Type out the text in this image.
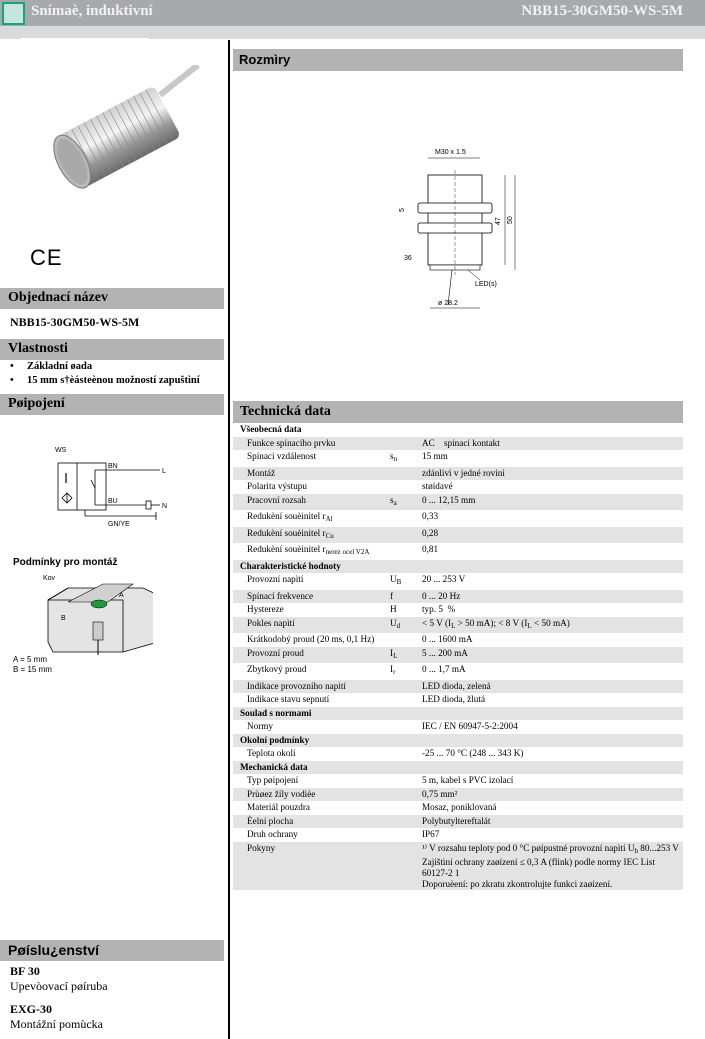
Snímaè, induktivní	NBB15-30GM50-WS-5M
CE
Objednací název
NBB15-30GM50-WS-5M
Vlastnosti
• Základní øada
• 15 mm s†èásteènou možností zapuštìní
Pøipojení
WS
BN
BU
GN/YE
L
N
Podmínky pro montáž
Kov
A
B
A = 5 mm
B = 15 mm
Pøíslu¿enství
BF 30
Upevòovací pøíruba
EXG-30
Montážní pomùcka
Rozmìry
M30 x 1.5
47 50
5
36
LED(s)
ø 28.2
Technická data
Všeobecná data		
Funkce spínacího prvku		AC    spínací kontakt
Spínací vzdálenost	$s_n$	15 mm
Montáž		zdánlivì v jedné rovinì
Polarita výstupu		støídavé
Pracovní rozsah	$s_a$	0 ... 12,15 mm
Redukèní souèinitel $r_{Al}$		0,33
Redukèní souèinitel $r_{Cu}$		0,28
Redukèní souèinitel $r_{nerez ocel V2A}$		0,81
Charakteristické hodnoty		
Provozní napìtí	$U_B$	20 ... 253 V
Spínací frekvence	f	0 ... 20 Hz
Hystereze	H	typ. 5  %
Pokles napìtí	$U_d$	< 5 V ($I_L > 50$ mA); < 8 V ($I_L < 50$ mA)
Krátkodobý proud (20 ms, 0,1 Hz)		0 ... 1600 mA
Provozní proud	$I_L$	5 ... 200 mA
Zbytkový proud	$I_r$	0 ... 1,7 mA
Indikace provozního napìtí		LED dioda, zelená
Indikace stavu sepnutí		LED dioda, žlutá
Soulad s normami		
Normy		IEC / EN 60947-5-2:2004
Okolní podmínky		
Teplota okolí		-25 ... 70 °C (248 ... 343 K)
Mechanická data		
Typ pøipojení		5 m, kabel s PVC izolací
Prùøez žíly vodièe		0,75 mm²
Materiál pouzdra		Mosaz, poniklovaná
Èelní plocha		Polybutyltereftalát
Druh ochrany		IP67
Pokyny		¹⁾ V rozsahu teploty pod 0 °C pøípustné provozní napìtí $U_b$ 80...253 V
Zajištìní ochrany zaøízení ≤ 0,3 A (flink) podle normy IEC List
60127-2 1
Doporuèení: po zkratu zkontrolujte funkci zaøízení.
